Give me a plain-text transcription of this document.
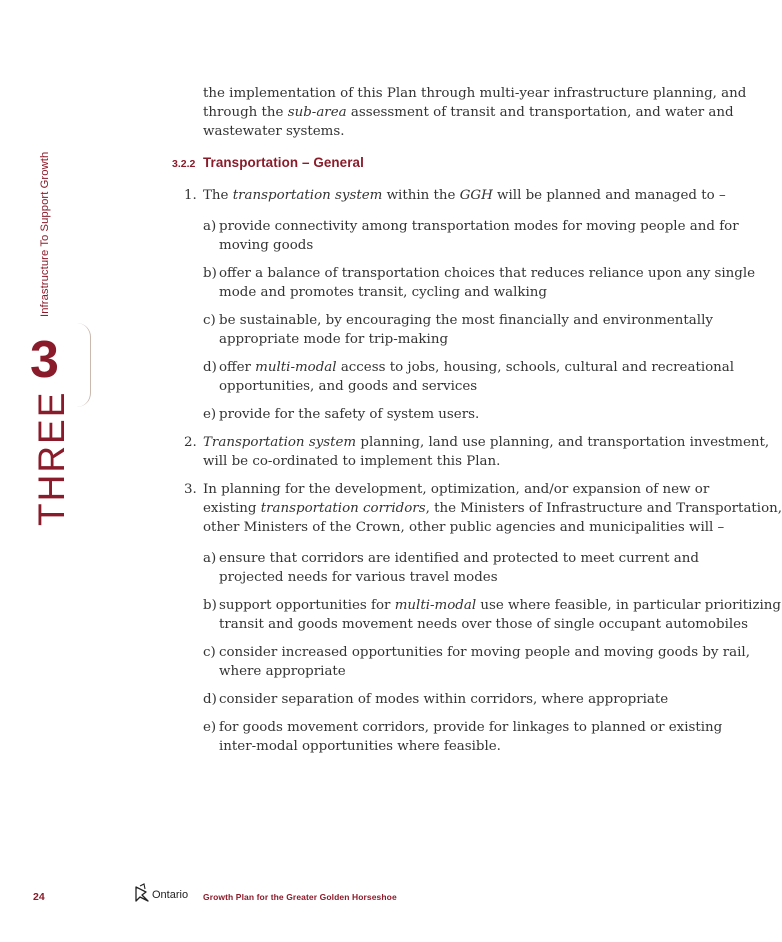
Infrastructure To Support Growth
3
THREE

the implementation of this Plan through multi-year infrastructure planning, and

through the sub-area assessment of transit and transportation, and water and

wastewater systems.

3.2.2 Transportation – General
1. The transportation system within the GGH will be planned and managed to –

a) provide connectivity among transportation modes for moving people and for

moving goods

b) offer a balance of transportation choices that reduces reliance upon any single

mode and promotes transit, cycling and walking

c) be sustainable, by encouraging the most financially and environmentally

appropriate mode for trip-making

d) offer multi-modal access to jobs, housing, schools, cultural and recreational

opportunities, and goods and services

e) provide for the safety of system users.

2. Transportation system planning, land use planning, and transportation investment,

will be co-ordinated to implement this Plan.

3. In planning for the development, optimization, and/or expansion of new or

existing transportation corridors, the Ministers of Infrastructure and Transportation,

other Ministers of the Crown, other public agencies and municipalities will –

a) ensure that corridors are identified and protected to meet current and

projected needs for various travel modes

b) support opportunities for multi-modal use where feasible, in particular prioritizing

transit and goods movement needs over those of single occupant automobiles

c) consider increased opportunities for moving people and moving goods by rail,

where appropriate

d) consider separation of modes within corridors, where appropriate

e) for goods movement corridors, provide for linkages to planned or existing

inter-modal opportunities where feasible.

24	Ontario Growth Plan for the Greater Golden Horseshoe
